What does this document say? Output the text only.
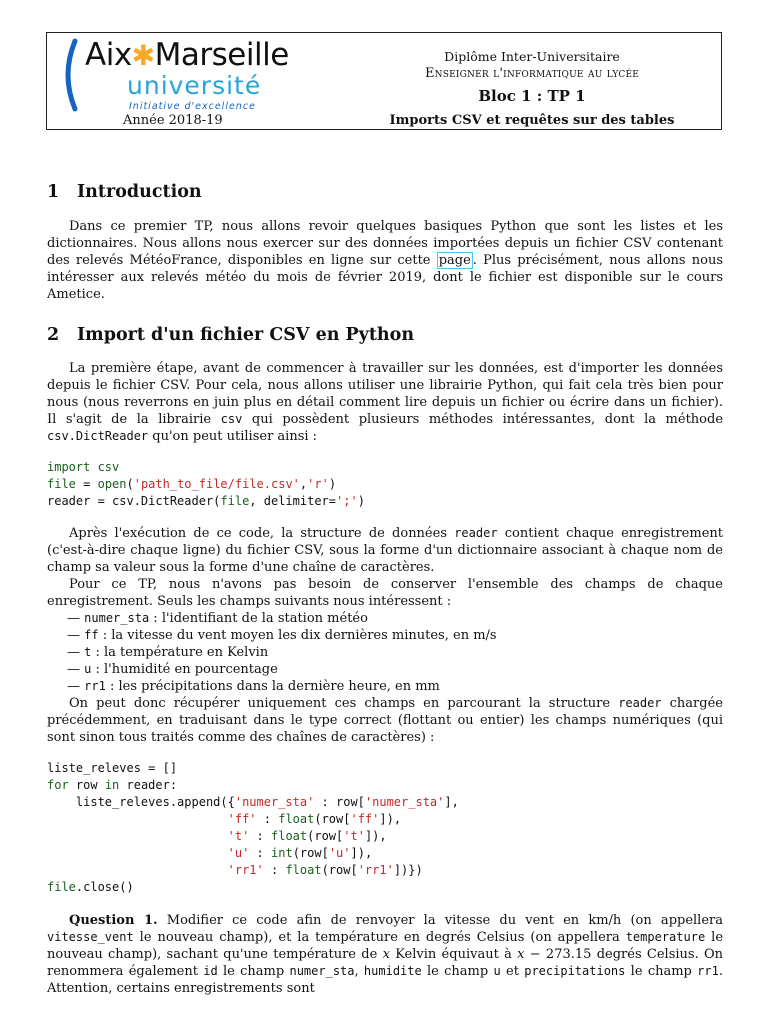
Aix✱Marseille
université
Initiative d'excellence
Année 2018-19
Diplôme Inter-Universitaire
Enseigner l'informatique au lycée
Bloc 1 : TP 1
Imports CSV et requêtes sur des tables
1 Introduction

Dans ce premier TP, nous allons revoir quelques basiques Python que sont les listes et les dictionnaires. Nous allons nous exercer sur des données importées depuis un fichier CSV contenant des relevés MétéoFrance, disponibles en ligne sur cette page . Plus précisément, nous allons nous intéresser aux relevés météo du mois de février 2019, dont le fichier est disponible sur le cours Ametice.

2 Import d'un fichier CSV en Python

La première étape, avant de commencer à travailler sur les données, est d'importer les données depuis le fichier CSV. Pour cela, nous allons utiliser une librairie Python, qui fait cela très bien pour nous (nous reverrons en juin plus en détail comment lire depuis un fichier ou écrire dans un fichier). Il s'agit de la librairie csv qui possèdent plusieurs méthodes intéressantes, dont la méthode csv.DictReader qu'on peut utiliser ainsi :

import csv
file = open('path_to_file/file.csv','r')
reader = csv.DictReader(file, delimiter=';')

Après l'exécution de ce code, la structure de données reader contient chaque enregistrement (c'est-à-dire chaque ligne) du fichier CSV, sous la forme d'un dictionnaire associant à chaque nom de champ sa valeur sous la forme d'une chaîne de caractères.

Pour ce TP, nous n'avons pas besoin de conserver l'ensemble des champs de chaque enregistrement. Seuls les champs suivants nous intéressent :

— numer_sta : l'identifiant de la station météo
— ff : la vitesse du vent moyen les dix dernières minutes, en m/s
— t : la température en Kelvin
— u : l'humidité en pourcentage
— rr1 : les précipitations dans la dernière heure, en mm

On peut donc récupérer uniquement ces champs en parcourant la structure reader chargée précédemment, en traduisant dans le type correct (flottant ou entier) les champs numériques (qui sont sinon tous traités comme des chaînes de caractères) :

liste_releves = []
for row in reader:
liste_releves.append({'numer_sta' : row['numer_sta'],
'ff' : float(row['ff']),
't' : float(row['t']),
'u' : int(row['u']),
'rr1' : float(row['rr1'])})
file.close()

Question 1. Modifier ce code afin de renvoyer la vitesse du vent en km/h (on appellera vitesse_vent le nouveau champ), et la température en degrés Celsius (on appellera temperature le nouveau champ), sachant qu'une température de x Kelvin équivaut à x − 273.15 degrés Celsius. On renommera également id le champ numer_sta, humidite le champ u et precipitations le champ rr1. Attention, certains enregistrements sont
